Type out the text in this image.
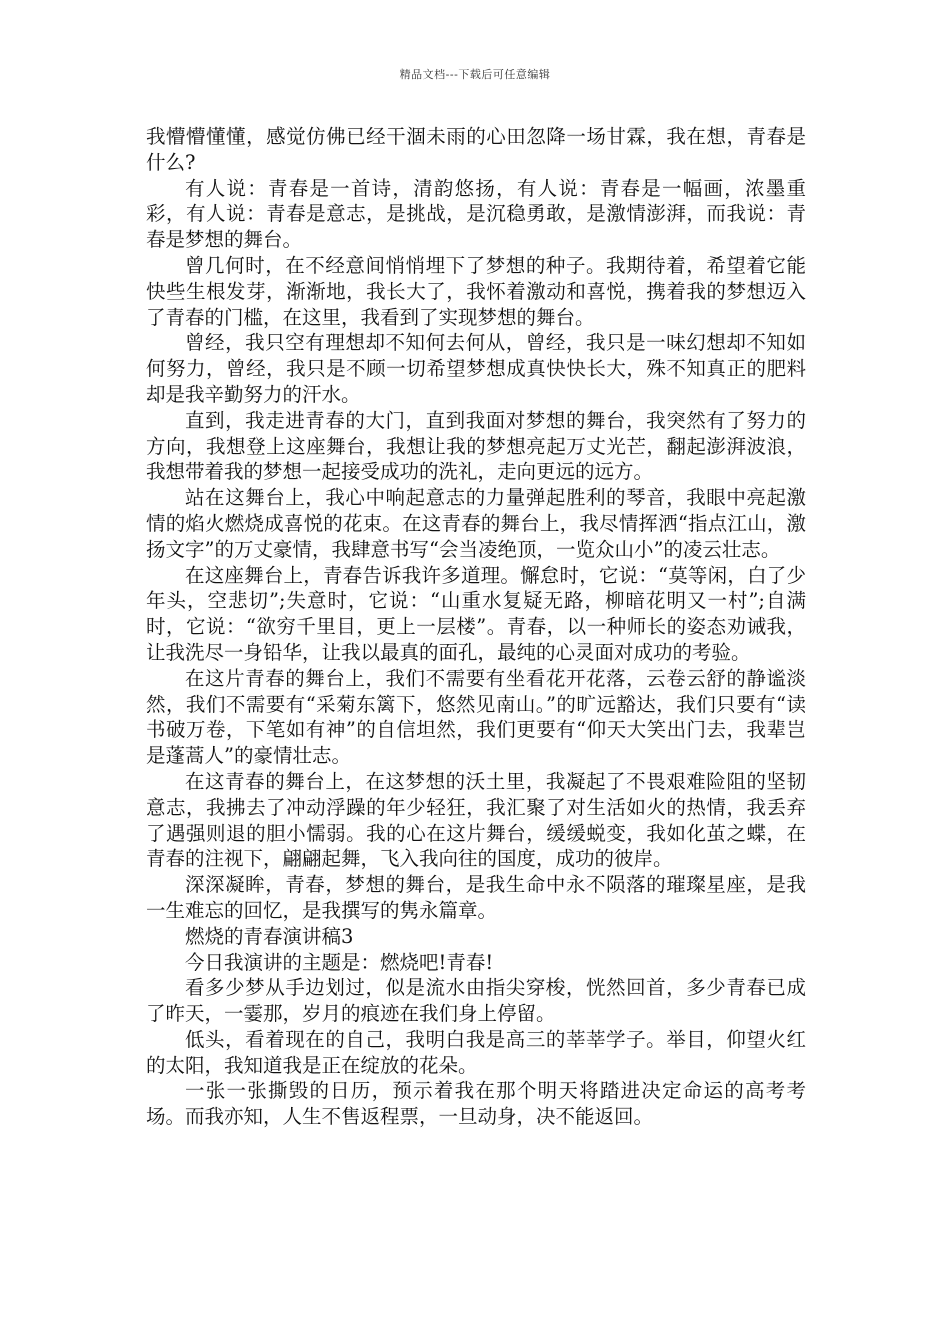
精品文档---下载后可任意编辑

我懵懵懂懂，感觉仿佛已经干涸未雨的心田忽降一场甘霖，我在想，青春是什么?

有人说：青春是一首诗，清韵悠扬，有人说：青春是一幅画，浓墨重彩，有人说：青春是意志，是挑战，是沉稳勇敢，是激情澎湃，而我说：青春是梦想的舞台。

曾几何时，在不经意间悄悄埋下了梦想的种子。我期待着，希望着它能快些生根发芽，渐渐地，我长大了，我怀着激动和喜悦，携着我的梦想迈入了青春的门槛，在这里，我看到了实现梦想的舞台。

曾经，我只空有理想却不知何去何从，曾经，我只是一味幻想却不知如何努力，曾经，我只是不顾一切希望梦想成真快快长大，殊不知真正的肥料却是我辛勤努力的汗水。

直到，我走进青春的大门，直到我面对梦想的舞台，我突然有了努力的方向，我想登上这座舞台，我想让我的梦想亮起万丈光芒，翻起澎湃波浪，我想带着我的梦想一起接受成功的洗礼，走向更远的远方。

站在这舞台上，我心中响起意志的力量弹起胜利的琴音，我眼中亮起激情的焰火燃烧成喜悦的花束。在这青春的舞台上，我尽情挥洒“指点江山，激扬文字”的万丈豪情，我肆意书写“会当凌绝顶，一览众山小”的凌云壮志。

在这座舞台上，青春告诉我许多道理。懈怠时，它说：“莫等闲，白了少年头，空悲切”;失意时，它说：“山重水复疑无路，柳暗花明又一村”;自满时，它说：“欲穷千里目，更上一层楼”。青春，以一种师长的姿态劝诫我，让我洗尽一身铅华，让我以最真的面孔，最纯的心灵面对成功的考验。

在这片青春的舞台上，我们不需要有坐看花开花落，云卷云舒的静谧淡然，我们不需要有“采菊东篱下，悠然见南山。”的旷远豁达，我们只要有“读书破万卷，下笔如有神”的自信坦然，我们更要有“仰天大笑出门去，我辈岂是蓬蒿人”的豪情壮志。

在这青春的舞台上，在这梦想的沃土里，我凝起了不畏艰难险阻的坚韧意志，我拂去了冲动浮躁的年少轻狂，我汇聚了对生活如火的热情，我丢弃了遇强则退的胆小懦弱。我的心在这片舞台，缓缓蜕变，我如化茧之蝶，在青春的注视下，翩翩起舞，飞入我向往的国度，成功的彼岸。

深深凝眸，青春，梦想的舞台，是我生命中永不陨落的璀璨星座，是我一生难忘的回忆，是我撰写的隽永篇章。

燃烧的青春演讲稿3

今日我演讲的主题是：燃烧吧!青春!

看多少梦从手边划过，似是流水由指尖穿梭，恍然回首，多少青春已成了昨天，一霎那，岁月的痕迹在我们身上停留。

低头，看着现在的自己，我明白我是高三的莘莘学子。举目，仰望火红的太阳，我知道我是正在绽放的花朵。

一张一张撕毁的日历，预示着我在那个明天将踏进决定命运的高考考场。而我亦知，人生不售返程票，一旦动身，决不能返回。
